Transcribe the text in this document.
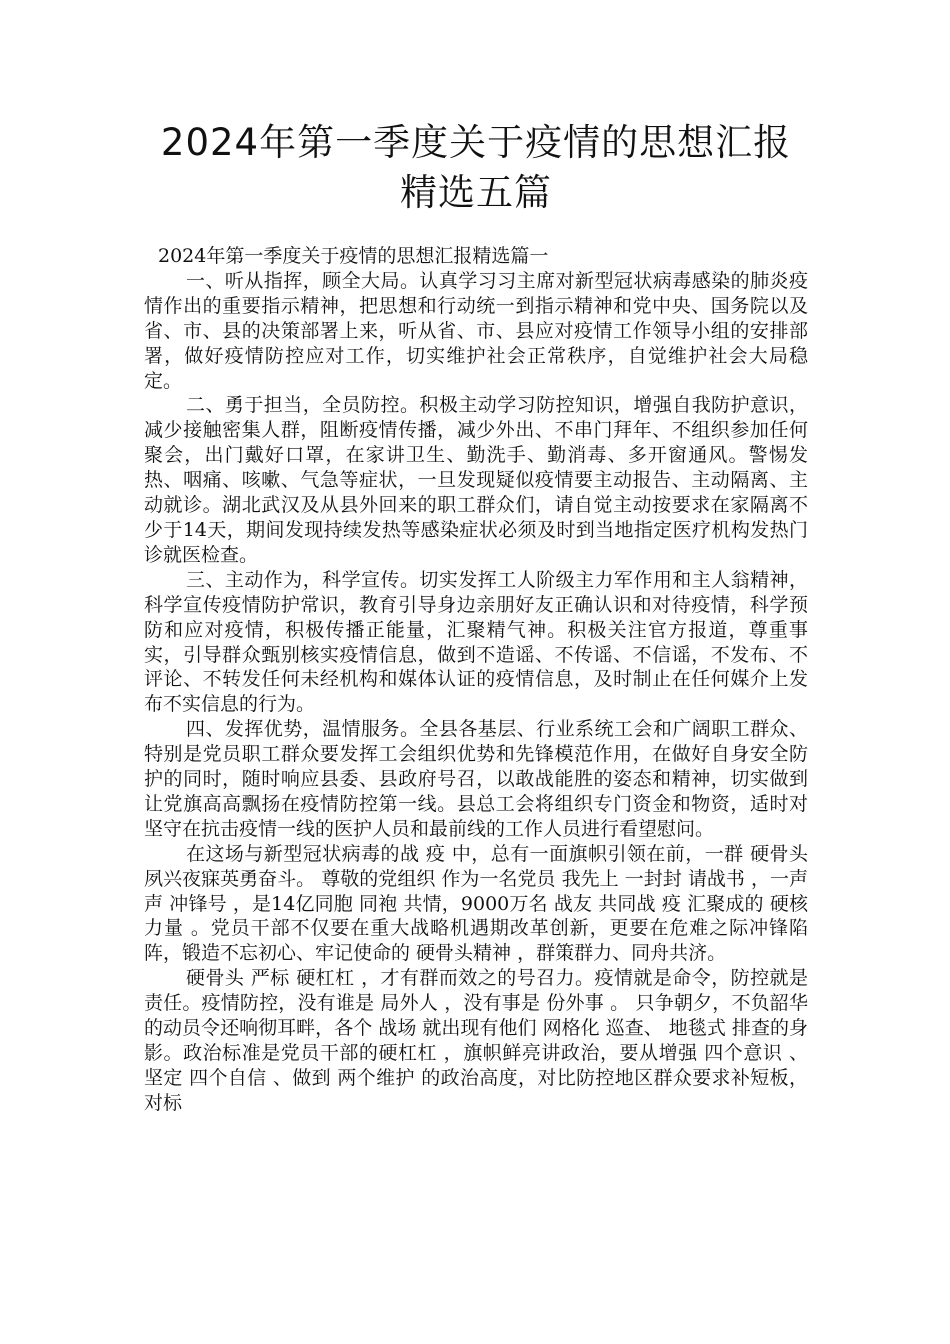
2024年第一季度关于疫情的思想汇报精选五篇

2024年第一季度关于疫情的思想汇报精选篇一

一、听从指挥，顾全大局。认真学习习主席对新型冠状病毒感染的肺炎疫情作出的重要指示精神，把思想和行动统一到指示精神和党中央、国务院以及省、市、县的决策部署上来，听从省、市、县应对疫情工作领导小组的安排部署，做好疫情防控应对工作，切实维护社会正常秩序，自觉维护社会大局稳定。

二、勇于担当，全员防控。积极主动学习防控知识，增强自我防护意识，减少接触密集人群，阻断疫情传播，减少外出、不串门拜年、不组织参加任何聚会，出门戴好口罩，在家讲卫生、勤洗手、勤消毒、多开窗通风。警惕发热、咽痛、咳嗽、气急等症状，一旦发现疑似疫情要主动报告、主动隔离、主动就诊。湖北武汉及从县外回来的职工群众们，请自觉主动按要求在家隔离不少于14天，期间发现持续发热等感染症状必须及时到当地指定医疗机构发热门诊就医检查。

三、主动作为，科学宣传。切实发挥工人阶级主力军作用和主人翁精神，科学宣传疫情防护常识，教育引导身边亲朋好友正确认识和对待疫情，科学预防和应对疫情，积极传播正能量，汇聚精气神。积极关注官方报道，尊重事实，引导群众甄别核实疫情信息，做到不造谣、不传谣、不信谣，不发布、不评论、不转发任何未经机构和媒体认证的疫情信息，及时制止在任何媒介上发布不实信息的行为。

四、发挥优势，温情服务。全县各基层、行业系统工会和广阔职工群众、特别是党员职工群众要发挥工会组织优势和先锋模范作用，在做好自身安全防护的同时，随时响应县委、县政府号召，以敢战能胜的姿态和精神，切实做到让党旗高高飘扬在疫情防控第一线。县总工会将组织专门资金和物资，适时对坚守在抗击疫情一线的医护人员和最前线的工作人员进行看望慰问。

在这场与新型冠状病毒的战 疫 中，总有一面旗帜引领在前，一群 硬骨头 夙兴夜寐英勇奋斗。 尊敬的党组织 作为一名党员 我先上 一封封 请战书 ，一声声 冲锋号 ，是14亿同胞 同袍 共情，9000万名 战友 共同战 疫 汇聚成的 硬核力量 。党员干部不仅要在重大战略机遇期改革创新，更要在危难之际冲锋陷阵，锻造不忘初心、牢记使命的 硬骨头精神 ，群策群力、同舟共济。

硬骨头 严标 硬杠杠 ，才有群而效之的号召力。疫情就是命令，防控就是责任。疫情防控，没有谁是 局外人 ，没有事是 份外事 。 只争朝夕，不负韶华 的动员令还响彻耳畔，各个 战场 就出现有他们 网格化 巡查、 地毯式 排查的身影。政治标准是党员干部的硬杠杠 ，旗帜鲜亮讲政治，要从增强 四个意识 、坚定 四个自信 、做到 两个维护 的政治高度，对比防控地区群众要求补短板，对标
